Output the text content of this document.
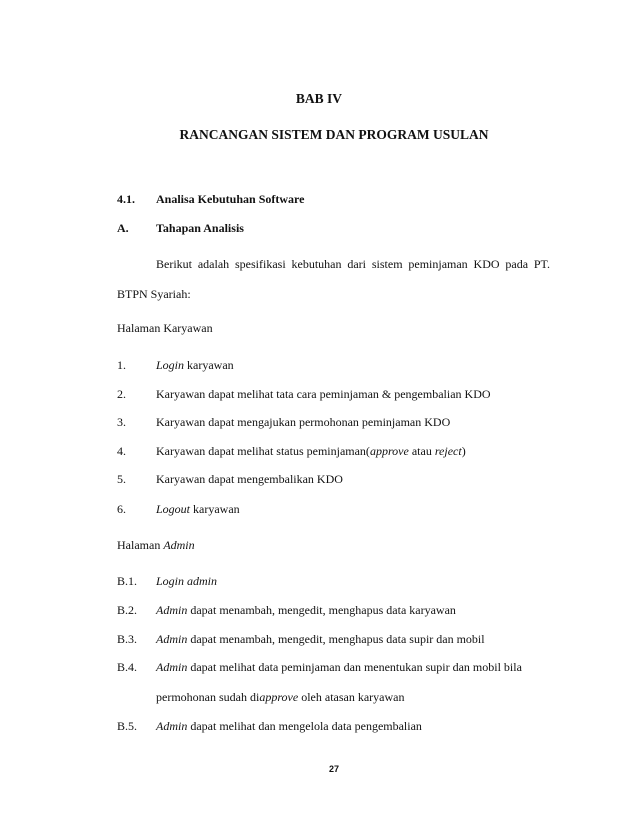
BAB IV
RANCANGAN SISTEM DAN PROGRAM USULAN
4.1. Analisa Kebutuhan Software
A. Tahapan Analisis
Berikut adalah spesifikasi kebutuhan dari sistem peminjaman KDO pada PT.
BTPN Syariah:
Halaman Karyawan
1.	Login karyawan
2.	Karyawan dapat melihat tata cara peminjaman & pengembalian KDO
3.	Karyawan dapat mengajukan permohonan peminjaman KDO
4.	Karyawan dapat melihat status peminjaman(approve atau reject)
5.	Karyawan dapat mengembalikan KDO
6.	Logout karyawan
Halaman Admin
B.1. Login admin
B.2. Admin dapat menambah, mengedit, menghapus data karyawan
B.3. Admin dapat menambah, mengedit, menghapus data supir dan mobil
B.4. Admin dapat melihat data peminjaman dan menentukan supir dan mobil bila
permohonan sudah diapprove oleh atasan karyawan
B.5. Admin dapat melihat dan mengelola data pengembalian
27
